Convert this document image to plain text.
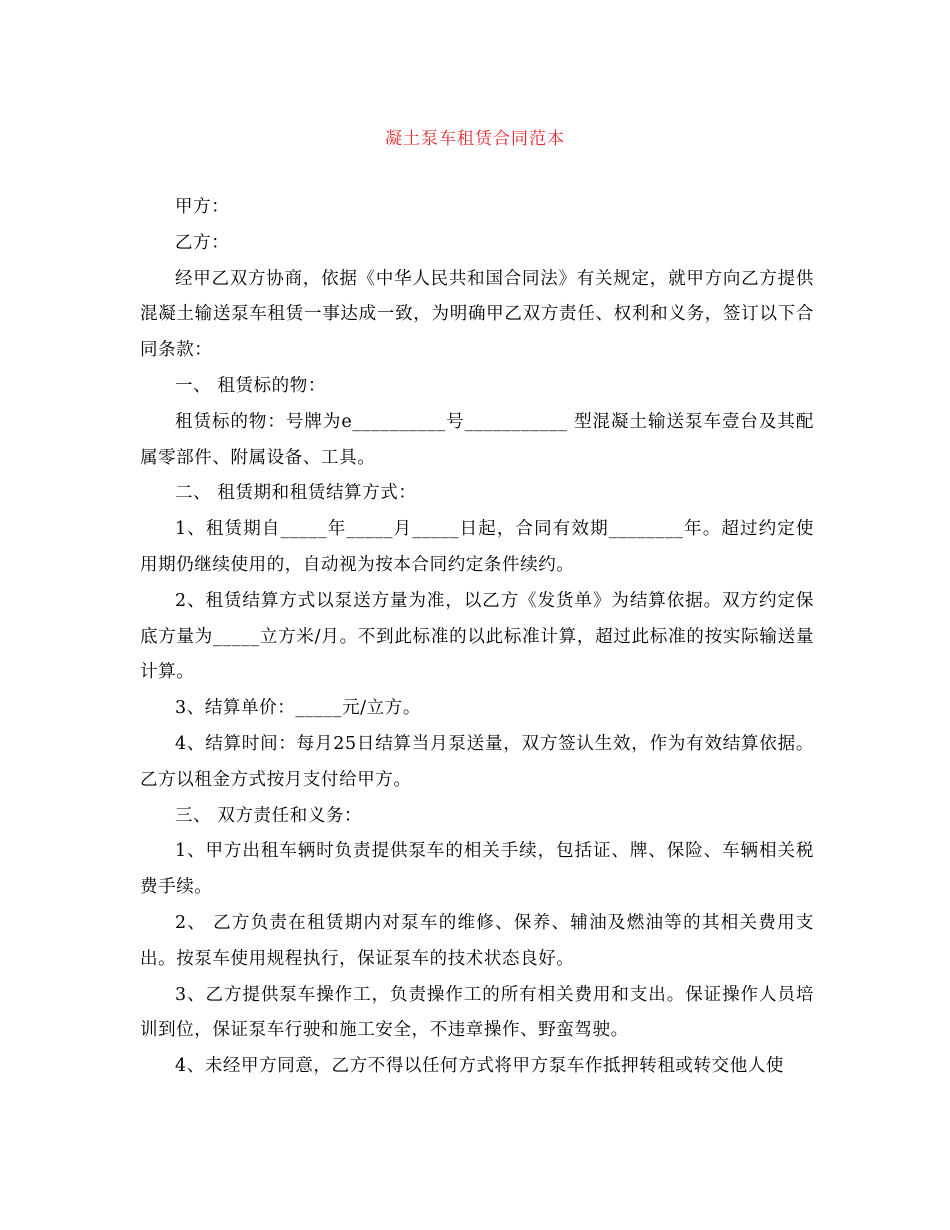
凝土泵车租赁合同范本

甲方：

乙方：

经甲乙双方协商，依据《中华人民共和国合同法》有关规定，就甲方向乙方提供混凝土输送泵车租赁一事达成一致，为明确甲乙双方责任、权利和义务，签订以下合同条款：

一、 租赁标的物：

租赁标的物：号牌为e__________号___________ 型混凝土输送泵车壹台及其配属零部件、附属设备、工具。

二、 租赁期和租赁结算方式：

1、租赁期自_____年_____月_____日起，合同有效期________年。超过约定使用期仍继续使用的，自动视为按本合同约定条件续约。

2、租赁结算方式以泵送方量为准，以乙方《发货单》为结算依据。双方约定保底方量为_____立方米/月。不到此标准的以此标准计算，超过此标准的按实际输送量计算。

3、结算单价：_____元/立方。

4、结算时间：每月25日结算当月泵送量，双方签认生效，作为有效结算依据。乙方以租金方式按月支付给甲方。

三、 双方责任和义务：

1、甲方出租车辆时负责提供泵车的相关手续，包括证、牌、保险、车辆相关税费手续。

2、 乙方负责在租赁期内对泵车的维修、保养、辅油及燃油等的其相关费用支出。按泵车使用规程执行，保证泵车的技术状态良好。

3、乙方提供泵车操作工，负责操作工的所有相关费用和支出。保证操作人员培训到位，保证泵车行驶和施工安全，不违章操作、野蛮驾驶。

4、未经甲方同意，乙方不得以任何方式将甲方泵车作抵押转租或转交他人使
